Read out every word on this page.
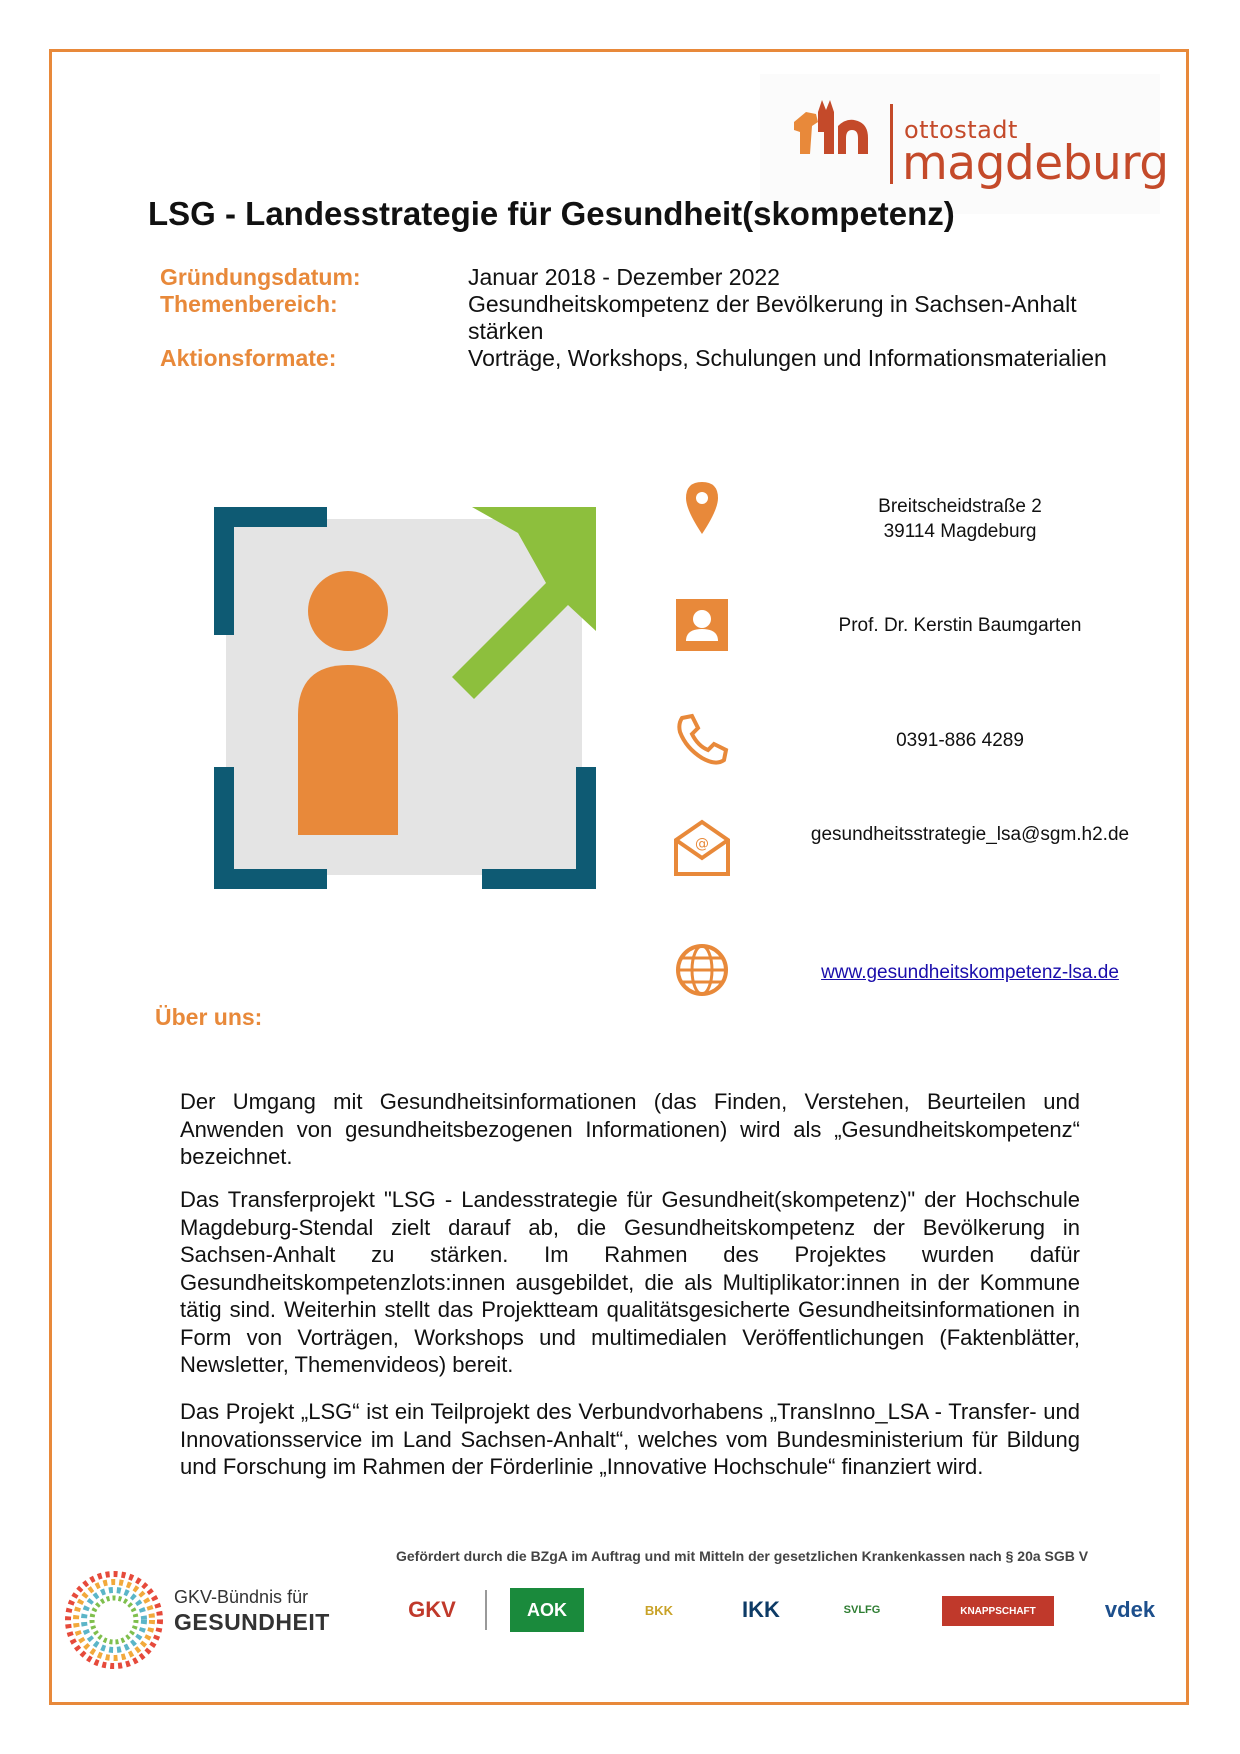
ottostadt
magdeburg
LSG - Landesstrategie für Gesundheit(skompetenz)
Gründungsdatum:	Januar 2018 - Dezember 2022
Themenbereich:	Gesundheitskompetenz der Bevölkerung in Sachsen-Anhalt stärken
Aktionsformate:	Vorträge, Workshops, Schulungen und Informationsmaterialien
@
Breitscheidstraße 2
39114 Magdeburg
Prof. Dr. Kerstin Baumgarten
0391-886 4289
gesundheitsstrategie_lsa@sgm.h2.de
www.gesundheitskompetenz-lsa.de
Über uns:

Der Umgang mit Gesundheitsinformationen (das Finden, Verstehen, Beurteilen und Anwenden von gesundheitsbezogenen Informationen) wird als „Gesundheitskompetenz“ bezeichnet.

Das Transferprojekt "LSG - Landesstrategie für Gesundheit(skompetenz)" der Hochschule Magdeburg-Stendal zielt darauf ab, die Gesundheitskompetenz der Bevölkerung in Sachsen-Anhalt zu stärken. Im Rahmen des Projektes wurden dafür Gesundheitskompetenzlots:innen ausgebildet, die als Multiplikator:innen in der Kommune tätig sind. Weiterhin stellt das Projektteam qualitätsgesicherte Gesundheitsinformationen in Form von Vorträgen, Workshops und multimedialen Veröffentlichungen (Faktenblätter, Newsletter, Themenvideos) bereit.

Das Projekt „LSG“ ist ein Teilprojekt des Verbundvorhabens „TransInno_LSA - Transfer- und Innovationsservice im Land Sachsen-Anhalt“, welches vom Bundesministerium für Bildung und Forschung im Rahmen der Förderlinie „Innovative Hochschule“ finanziert wird.

Gefördert durch die BZgA im Auftrag und mit Mitteln der gesetzlichen Krankenkassen nach § 20a SGB V
GKV-Bündnis für
GESUNDHEIT	GKV	AOK	BKK	IKK	SVLFG	KNAPPSCHAFT	vdek
